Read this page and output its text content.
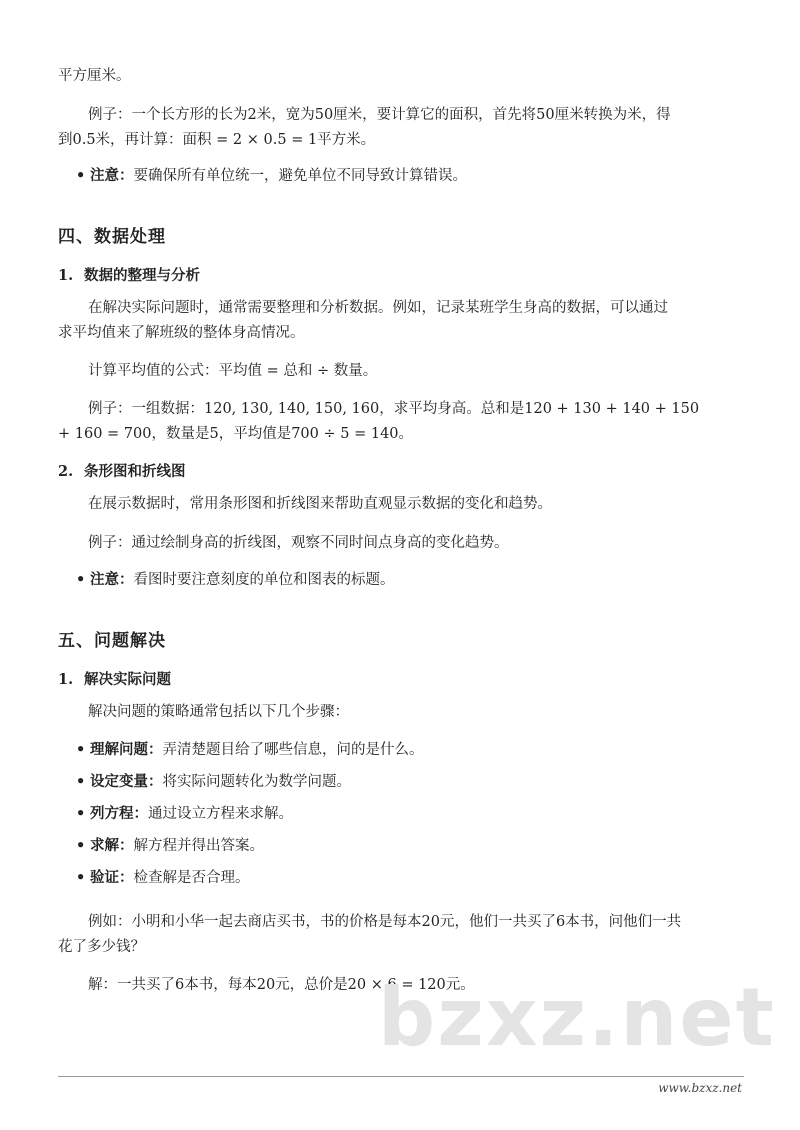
平方厘米。
例子：一个长方形的长为2米，宽为50厘米，要计算它的面积，首先将50厘米转换为米，得
到0.5米，再计算：面积 = 2 × 0.5 = 1平方米。
• 注意：要确保所有单位统一，避免单位不同导致计算错误。
四、数据处理
1. 数据的整理与分析
在解决实际问题时，通常需要整理和分析数据。例如，记录某班学生身高的数据，可以通过
求平均值来了解班级的整体身高情况。
计算平均值的公式：平均值 = 总和 ÷ 数量。
例子：一组数据：120, 130, 140, 150, 160，求平均身高。总和是120 + 130 + 140 + 150
+ 160 = 700，数量是5，平均值是700 ÷ 5 = 140。
2. 条形图和折线图
在展示数据时，常用条形图和折线图来帮助直观显示数据的变化和趋势。
例子：通过绘制身高的折线图，观察不同时间点身高的变化趋势。
• 注意：看图时要注意刻度的单位和图表的标题。
五、问题解决
1. 解决实际问题
解决问题的策略通常包括以下几个步骤：
• 理解问题：弄清楚题目给了哪些信息，问的是什么。
• 设定变量：将实际问题转化为数学问题。
• 列方程：通过设立方程来求解。
• 求解：解方程并得出答案。
• 验证：检查解是否合理。
例如：小明和小华一起去商店买书，书的价格是每本20元，他们一共买了6本书，问他们一共
花了多少钱？
解：一共买了6本书，每本20元，总价是20 × 6 = 120元。
bzxz.net
www.bzxz.net
